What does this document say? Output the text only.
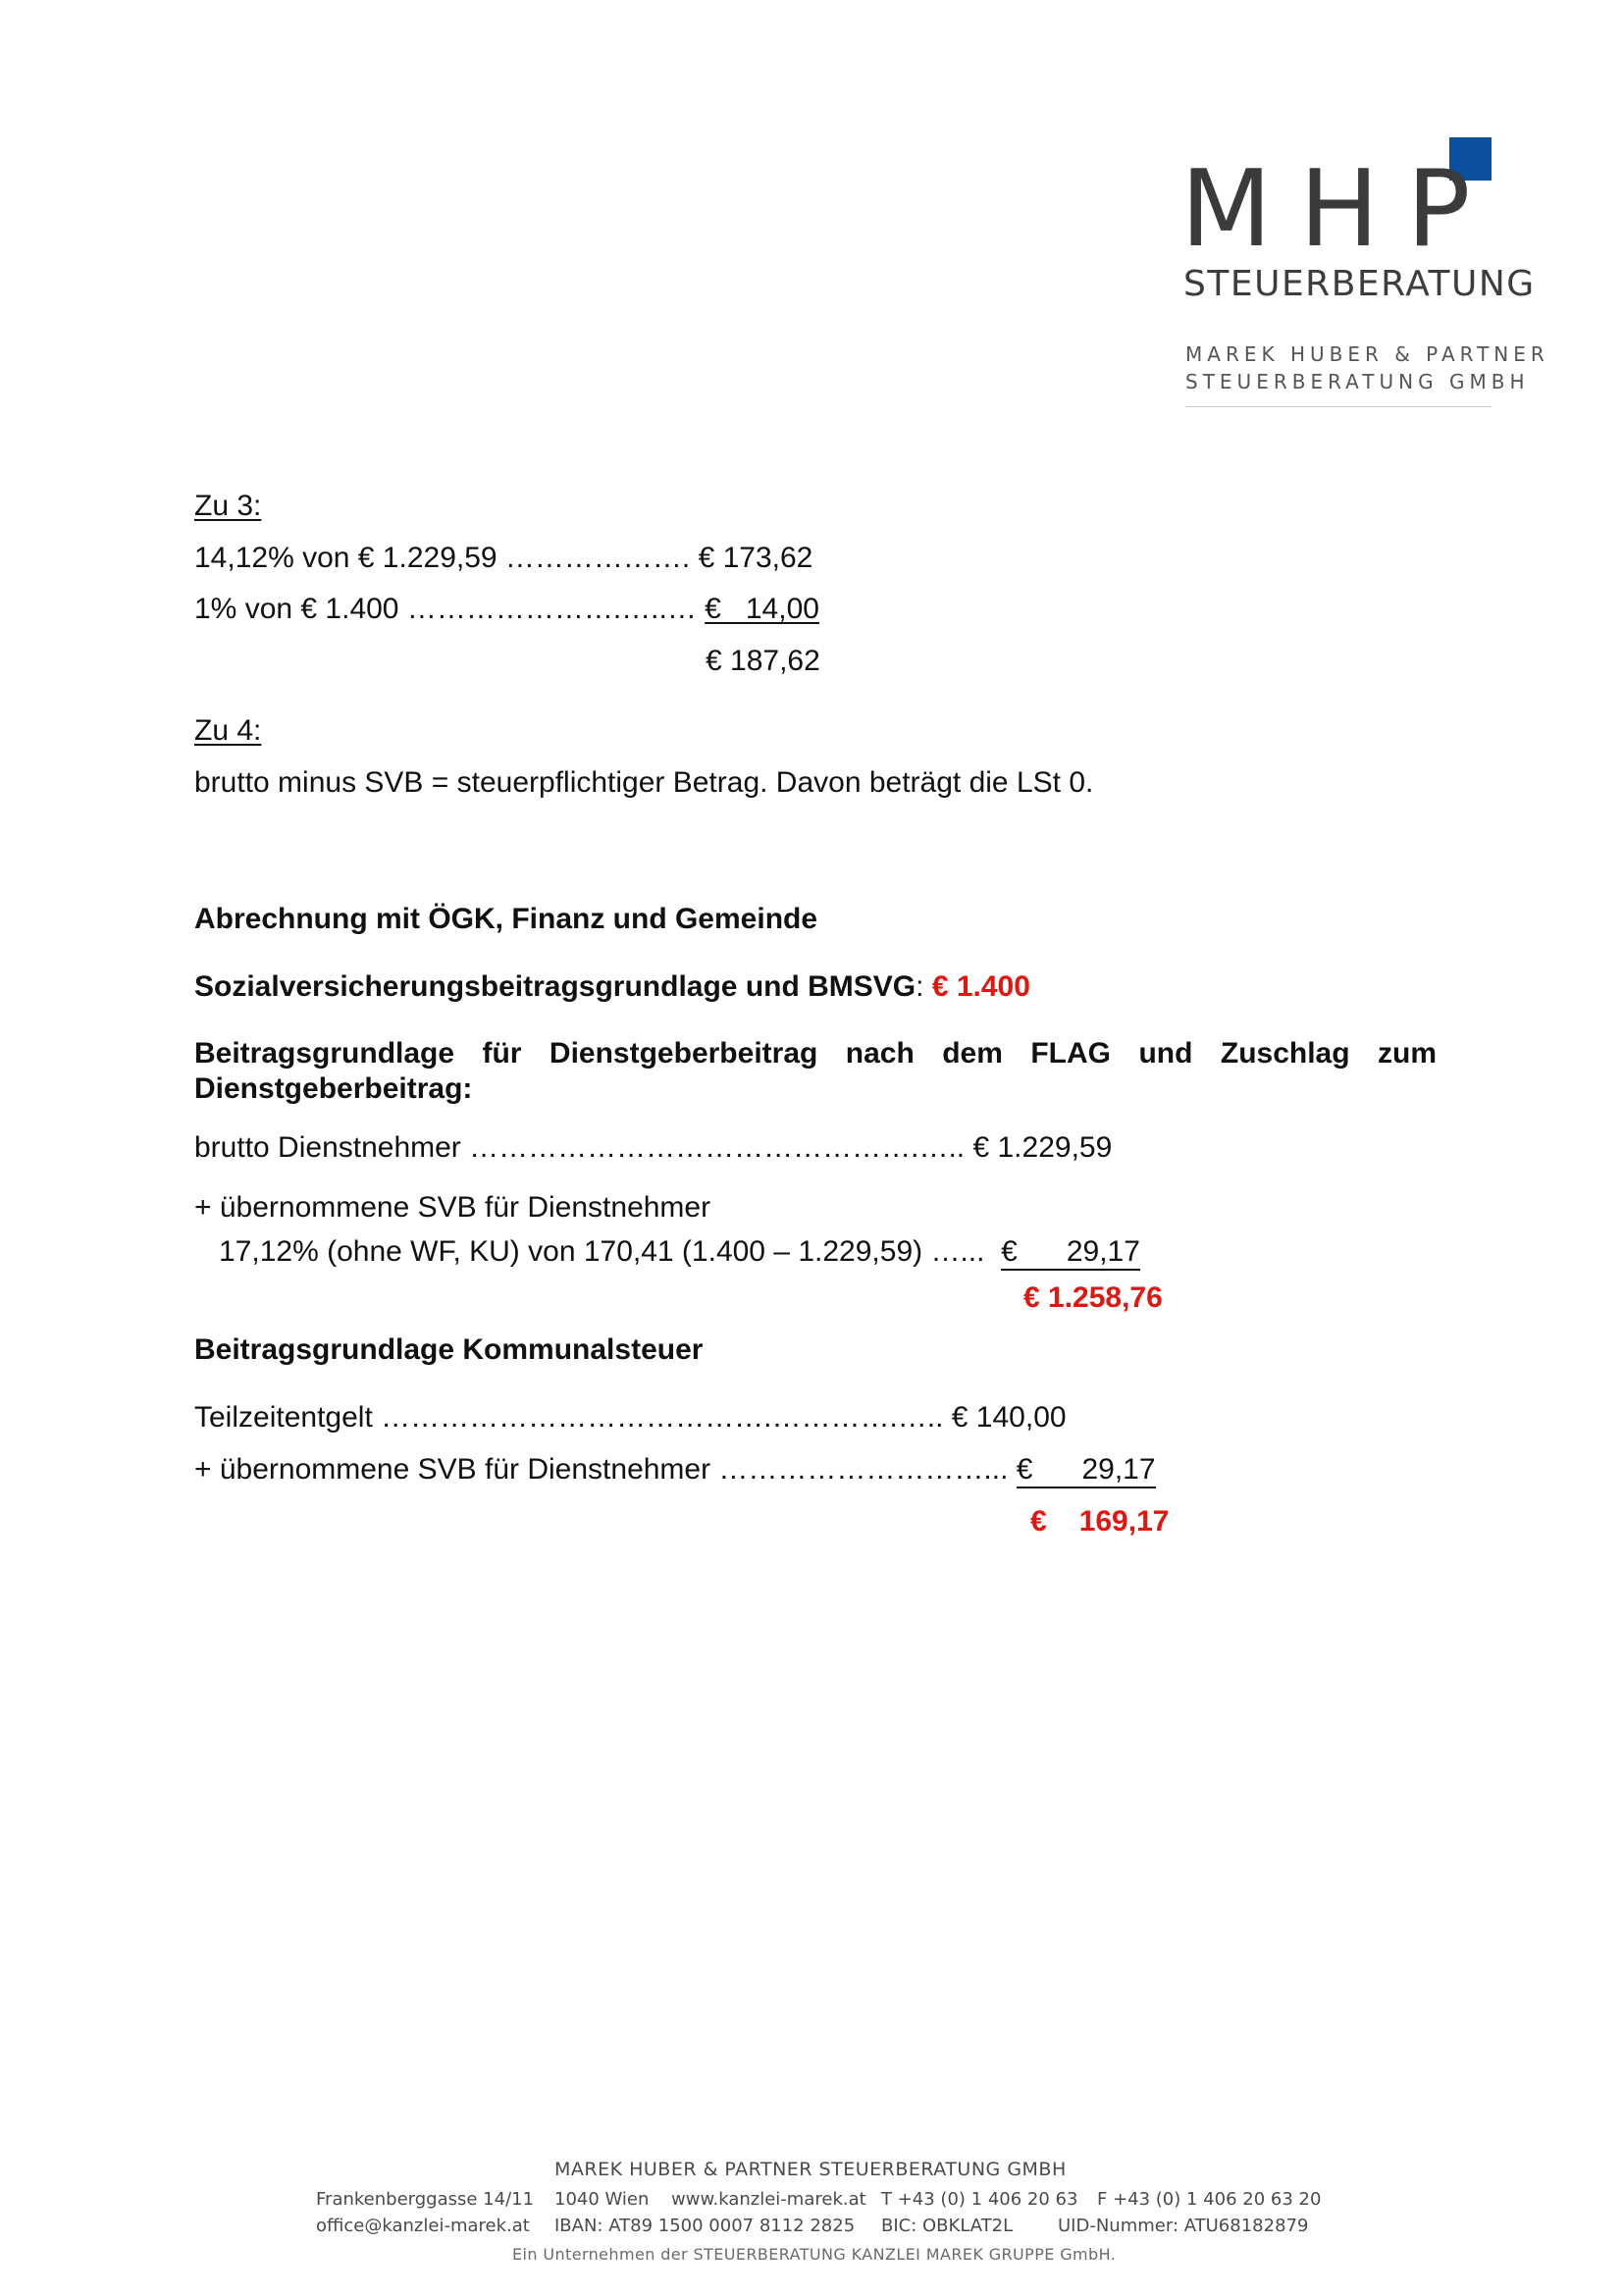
MHP
STEUERBERATUNG
MAREK HUBER & PARTNER
STEUERBERATUNG GMBH
Zu 3:
14,12% von € 1.229,59 ………………. € 173,62
1% von € 1.400 ………………….…..… €   14,00
€ 187,62
Zu 4:
brutto minus SVB = steuerpflichtiger Betrag. Davon beträgt die LSt 0.
Abrechnung mit ÖGK, Finanz und Gemeinde
Sozialversicherungsbeitragsgrundlage und BMSVG: € 1.400
Beitragsgrundlage für Dienstgeberbeitrag nach dem FLAG und Zuschlag zum Dienstgeberbeitrag:
brutto Dienstnehmer ……………………………………….….. € 1.229,59
+ übernommene SVB für Dienstnehmer
17,12% (ohne WF, KU) von 170,41 (1.400 – 1.229,59) …...  €      29,17
€ 1.258,76
Beitragsgrundlage Kommunalsteuer
Teilzeitentgelt ………………………………….………….….. € 140,00
+ übernommene SVB für Dienstnehmer ………………………... €      29,17
€ 169,17
MAREK HUBER & PARTNER STEUERBERATUNG GMBH
Frankenberggasse 14/11 1040 Wien www.kanzlei-marek.at T +43 (0) 1 406 20 63 F +43 (0) 1 406 20 63 20
office@kanzlei-marek.at IBAN: AT89 1500 0007 8112 2825 BIC: OBKLAT2L	UID-Nummer: ATU68182879
Ein Unternehmen der STEUERBERATUNG KANZLEI MAREK GRUPPE GmbH.
